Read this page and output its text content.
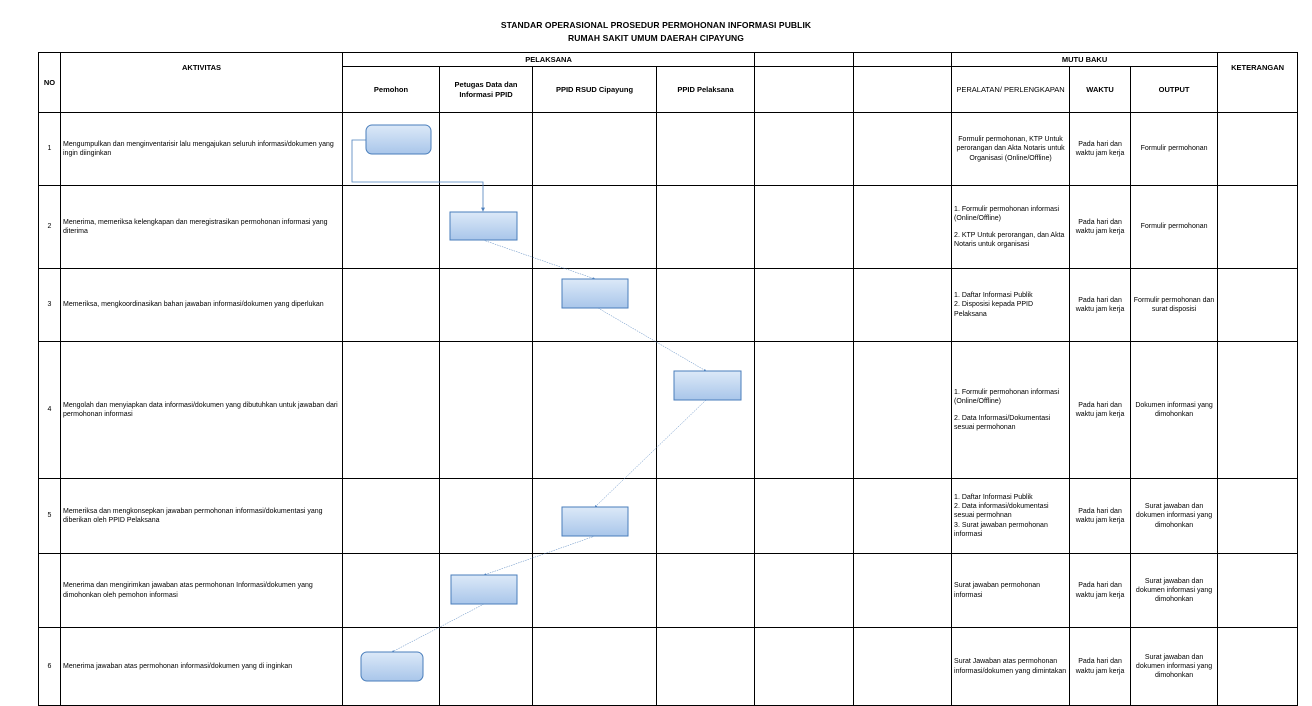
STANDAR OPERASIONAL PROSEDUR PERMOHONAN INFORMASI PUBLIK
RUMAH SAKIT UMUM DAERAH CIPAYUNG
NO	AKTIVITAS	PELAKSANA						MUTU BAKU			KETERANGAN
		Pemohon	Petugas Data dan Informasi PPID	PPID RSUD Cipayung	PPID Pelaksana			PERALATAN/ PERLENGKAPAN	WAKTU	OUTPUT	
1	Mengumpulkan dan menginventarisir lalu mengajukan seluruh informasi/dokumen yang ingin diinginkan							Formulir permohonan, KTP Untuk perorangan dan Akta Notaris untuk Organisasi (Online/Offline)	Pada hari dan waktu jam kerja	Formulir permohonan	
2	Menerima, memeriksa kelengkapan dan meregistrasikan permohonan informasi yang diterima							1. Formulir permohonan informasi (Online/Offline)
2. KTP Untuk perorangan, dan Akta Notaris untuk organisasi	Pada hari dan waktu jam kerja	Formulir permohonan	
3	Memeriksa, mengkoordinasikan bahan jawaban informasi/dokumen yang diperlukan							1. Daftar Informasi Publik
2. Disposisi kepada PPID Pelaksana	Pada hari dan waktu jam kerja	Formulir permohonan dan surat disposisi	
4	Mengolah dan menyiapkan data informasi/dokumen yang dibutuhkan untuk jawaban dari permohonan informasi							1. Formulir permohonan informasi (Online/Offline)
2. Data Informasi/Dokumentasi sesuai permohonan	Pada hari dan waktu jam kerja	Dokumen informasi yang dimohonkan	
5	Memeriksa dan mengkonsepkan jawaban permohonan informasi/dokumentasi yang diberikan oleh PPID Pelaksana							1. Daftar Informasi Publik
2. Data informasi/dokumentasi sesuai permohnan
3. Surat jawaban permohonan informasi	Pada hari dan waktu jam kerja	Surat jawaban dan dokumen informasi yang dimohonkan	
	Menerima dan mengirimkan jawaban atas permohonan Informasi/dokumen yang dimohonkan oleh pemohon informasi							Surat jawaban permohonan informasi	Pada hari dan waktu jam kerja	Surat jawaban dan dokumen informasi yang dimohonkan	
6	Menerima jawaban atas permohonan informasi/dokumen yang di inginkan							Surat Jawaban atas permohonan informasi/dokumen yang dimintakan	Pada hari dan waktu jam kerja	Surat jawaban dan dokumen informasi yang dimohonkan	
